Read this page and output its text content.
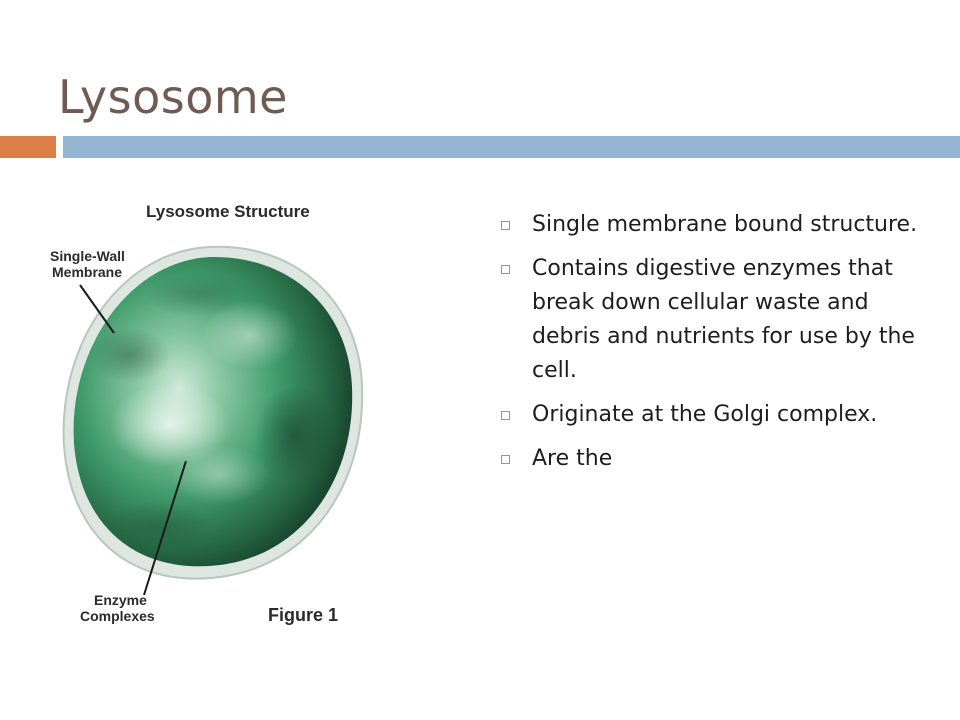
Lysosome
Lysosome Structure
Single-Wall
Membrane
Enzyme
Complexes	Figure 1
Single membrane bound structure.
Contains digestive enzymes that break down cellular waste and debris and nutrients for use by the cell.
Originate at the Golgi complex.
Are the
